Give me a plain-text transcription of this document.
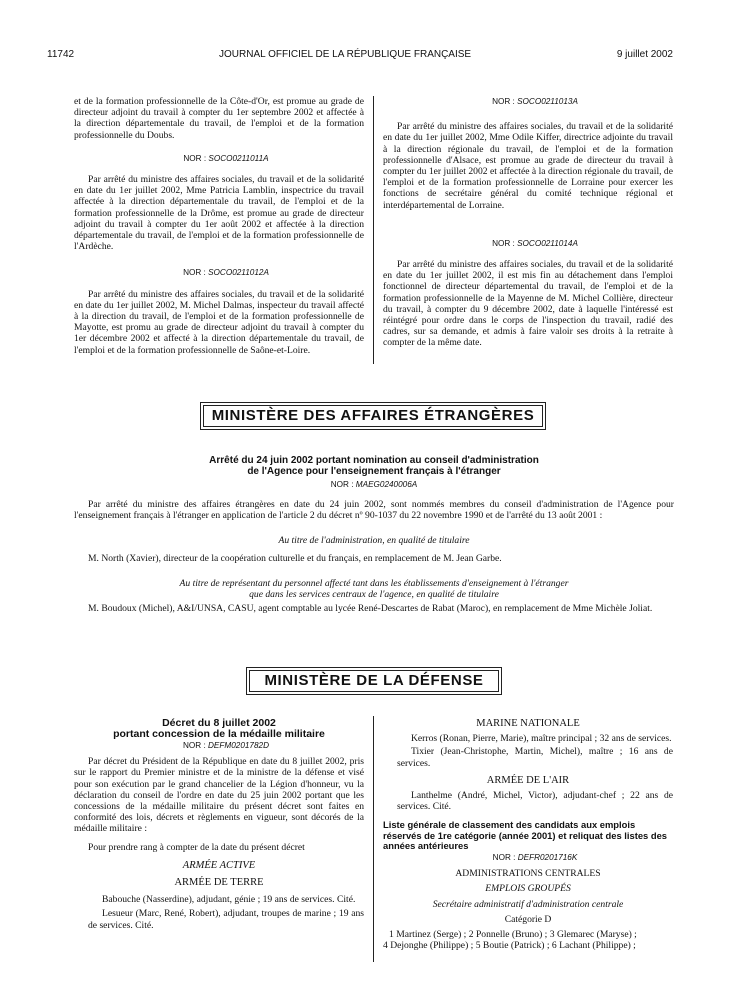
11742	JOURNAL OFFICIEL DE LA RÉPUBLIQUE FRANÇAISE	9 juillet 2002

et de la formation professionnelle de la Côte-d'Or, est promue au grade de directeur adjoint du travail à compter du 1er septembre 2002 et affectée à la direction départementale du travail, de l'emploi et de la formation professionnelle du Doubs.

NOR : SOCO0211011A

Par arrêté du ministre des affaires sociales, du travail et de la solidarité en date du 1er juillet 2002, Mme Patricia Lamblin, inspectrice du travail affectée à la direction départementale du travail, de l'emploi et de la formation professionnelle de la Drôme, est promue au grade de directeur adjoint du travail à compter du 1er août 2002 et affectée à la direction départementale du travail, de l'emploi et de la formation professionnelle de l'Ardèche.

NOR : SOCO0211012A

Par arrêté du ministre des affaires sociales, du travail et de la solidarité en date du 1er juillet 2002, M. Michel Dalmas, inspecteur du travail affecté à la direction du travail, de l'emploi et de la formation professionnelle de Mayotte, est promu au grade de directeur adjoint du travail à compter du 1er décembre 2002 et affecté à la direction départementale du travail, de l'emploi et de la formation professionnelle de Saône-et-Loire.

NOR : SOCO0211013A

Par arrêté du ministre des affaires sociales, du travail et de la solidarité en date du 1er juillet 2002, Mme Odile Kiffer, directrice adjointe du travail à la direction régionale du travail, de l'emploi et de la formation professionnelle d'Alsace, est promue au grade de directeur du travail à compter du 1er juillet 2002 et affectée à la direction régionale du travail, de l'emploi et de la formation professionnelle de Lorraine pour exercer les fonctions de secrétaire général du comité technique régional et interdépartemental de Lorraine.

NOR : SOCO0211014A

Par arrêté du ministre des affaires sociales, du travail et de la solidarité en date du 1er juillet 2002, il est mis fin au détachement dans l'emploi fonctionnel de directeur départemental du travail, de l'emploi et de la formation professionnelle de la Mayenne de M. Michel Collière, directeur du travail, à compter du 9 décembre 2002, date à laquelle l'intéressé est réintégré pour ordre dans le corps de l'inspection du travail, radié des cadres, sur sa demande, et admis à faire valoir ses droits à la retraite à compter de la même date.

MINISTÈRE DES AFFAIRES ÉTRANGÈRES
Arrêté du 24 juin 2002 portant nomination au conseil d'administration
de l'Agence pour l'enseignement français à l'étranger
NOR : MAEG0240006A

Par arrêté du ministre des affaires étrangères en date du 24 juin 2002, sont nommés membres du conseil d'administration de l'Agence pour l'enseignement français à l'étranger en application de l'article 2 du décret nº 90-1037 du 22 novembre 1990 et de l'arrêté du 13 août 2001 :

Au titre de l'administration, en qualité de titulaire

M. North (Xavier), directeur de la coopération culturelle et du français, en remplacement de M. Jean Garbe.

Au titre de représentant du personnel affecté tant dans les établissements d'enseignement à l'étranger

que dans les services centraux de l'agence, en qualité de titulaire

M. Boudoux (Michel), A&I/UNSA, CASU, agent comptable au lycée René-Descartes de Rabat (Maroc), en remplacement de Mme Michèle Joliat.

MINISTÈRE DE LA DÉFENSE
Décret du 8 juillet 2002
portant concession de la médaille militaire

NOR : DEFM0201782D

Par décret du Président de la République en date du 8 juillet 2002, pris sur le rapport du Premier ministre et de la ministre de la défense et visé pour son exécution par le grand chancelier de la Légion d'honneur, vu la déclaration du conseil de l'ordre en date du 25 juin 2002 portant que les concessions de la médaille militaire du présent décret sont faites en conformité des lois, décrets et règlements en vigueur, sont décorés de la médaille militaire :

Pour prendre rang à compter de la date du présent décret

ARMÉE ACTIVE

ARMÉE DE TERRE

Babouche (Nasserdine), adjudant, génie ; 19 ans de services. Cité.

Lesueur (Marc, René, Robert), adjudant, troupes de marine ; 19 ans de services. Cité.

MARINE NATIONALE

Kerros (Ronan, Pierre, Marie), maître principal ; 32 ans de services.

Tixier (Jean-Christophe, Martin, Michel), maître ; 16 ans de services.

ARMÉE DE L'AIR

Lanthelme (André, Michel, Victor), adjudant-chef ; 22 ans de services. Cité.

Liste générale de classement des candidats aux emplois réservés de 1re catégorie (année 2001) et reliquat des listes des années antérieures

NOR : DEFR0201716K

ADMINISTRATIONS CENTRALES

EMPLOIS GROUPÉS

Secrétaire administratif d'administration centrale

Catégorie D

1 Martinez (Serge) ; 2 Ponnelle (Bruno) ; 3 Glemarec (Maryse) ;

4 Dejonghe (Philippe) ; 5 Boutie (Patrick) ; 6 Lachant (Philippe) ;
